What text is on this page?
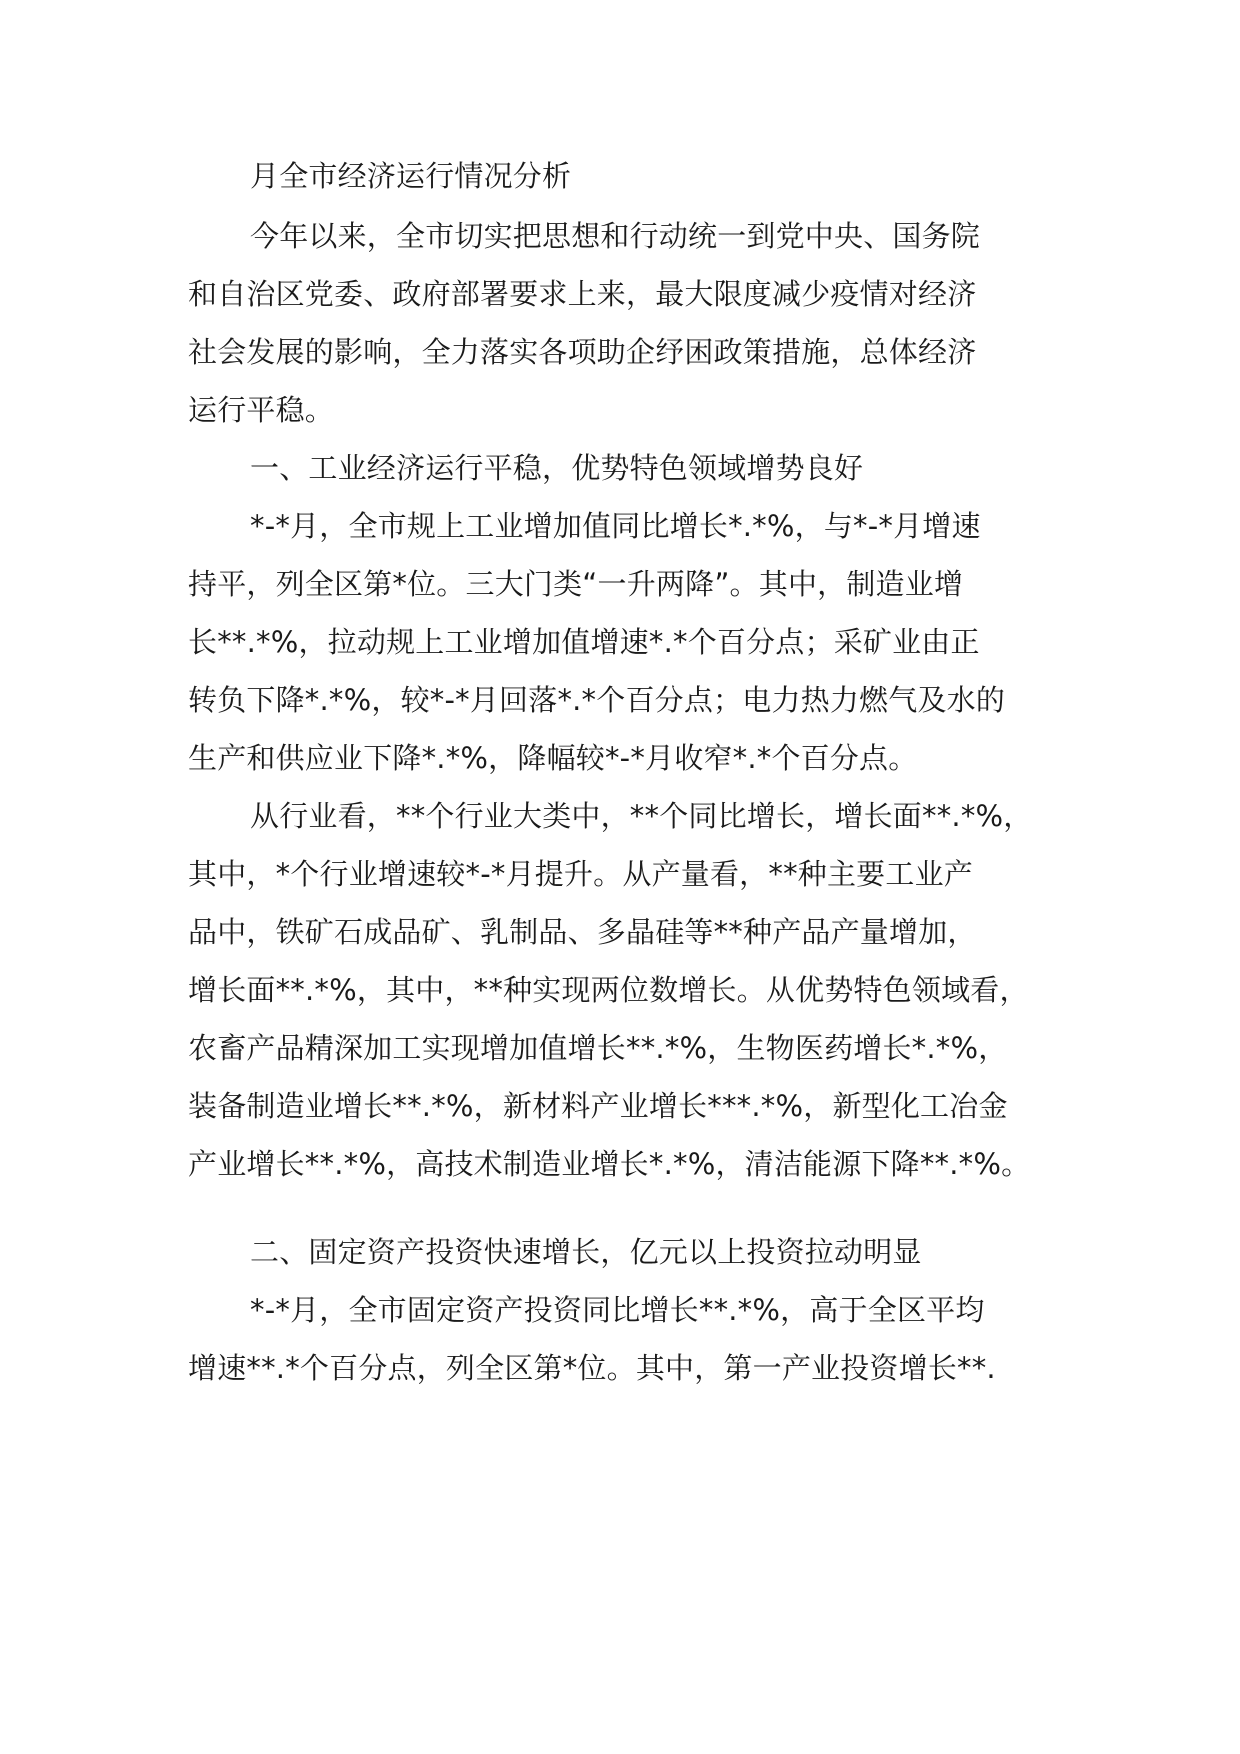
月全市经济运行情况分析

今年以来，全市切实把思想和行动统一到党中央、国务院

和自治区党委、政府部署要求上来，最大限度减少疫情对经济

社会发展的影响，全力落实各项助企纾困政策措施，总体经济

运行平稳。

一、工业经济运行平稳，优势特色领域增势良好

*-*月，全市规上工业增加值同比增长*.*%，与*-*月增速

持平，列全区第*位。三大门类“一升两降”。其中，制造业增

长**.*%，拉动规上工业增加值增速*.*个百分点；采矿业由正

转负下降*.*%，较*-*月回落*.*个百分点；电力热力燃气及水的

生产和供应业下降*.*%，降幅较*-*月收窄*.*个百分点。

从行业看，**个行业大类中，**个同比增长，增长面**.*%，

其中，*个行业增速较*-*月提升。从产量看，**种主要工业产

品中，铁矿石成品矿、乳制品、多晶硅等**种产品产量增加，

增长面**.*%，其中，**种实现两位数增长。从优势特色领域看，

农畜产品精深加工实现增加值增长**.*%，生物医药增长*.*%，

装备制造业增长**.*%，新材料产业增长***.*%，新型化工冶金

产业增长**.*%，高技术制造业增长*.*%，清洁能源下降**.*%。

二、固定资产投资快速增长，亿元以上投资拉动明显

*-*月，全市固定资产投资同比增长**.*%，高于全区平均

增速**.*个百分点，列全区第*位。其中，第一产业投资增长**.
